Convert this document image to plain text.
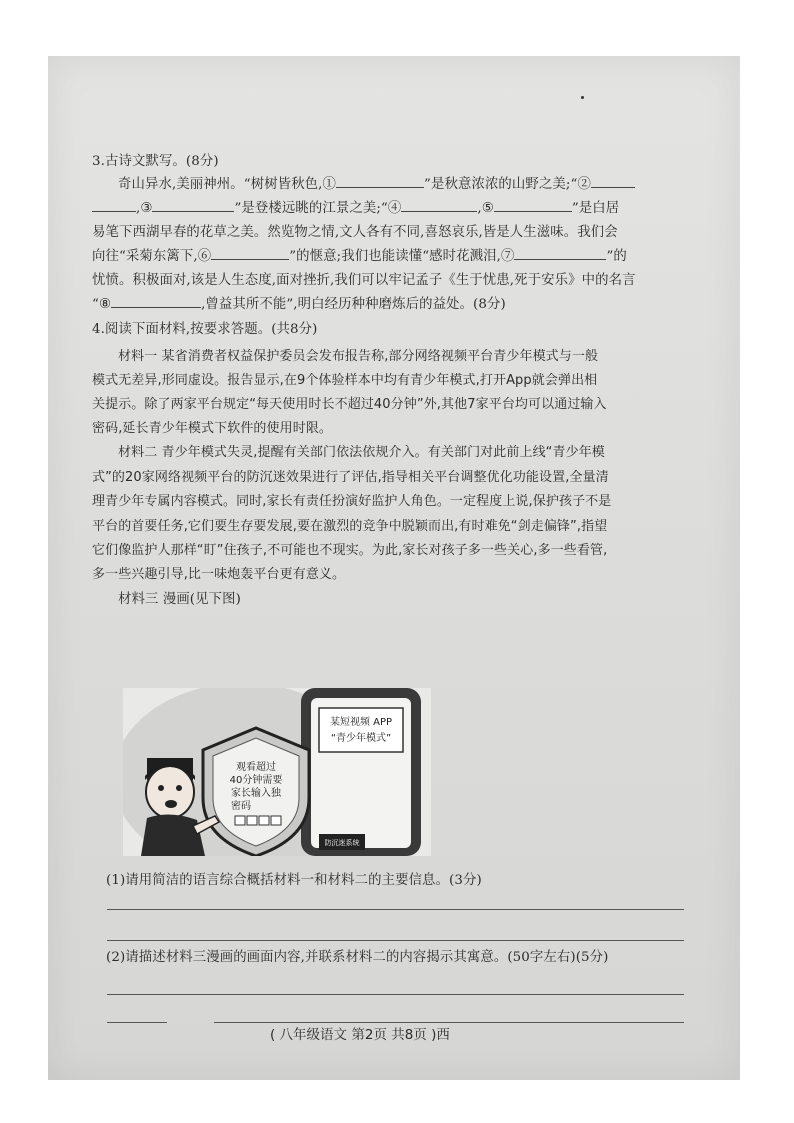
3.古诗文默写。(8分)
奇山异水,美丽神州。“树树皆秋色,①	”是秋意浓浓的山野之美;“②
,③	”是登楼远眺的江景之美;“④	,⑤	”是白居
易笔下西湖早春的花草之美。然览物之情,文人各有不同,喜怒哀乐,皆是人生滋味。我们会
向往“采菊东篱下,⑥	”的惬意;我们也能读懂“感时花溅泪,⑦	”的
忧愤。积极面对,该是人生态度,面对挫折,我们可以牢记孟子《生于忧患,死于安乐》中的名言
“⑧	,曾益其所不能”,明白经历种种磨炼后的益处。(8分)
4.阅读下面材料,按要求答题。(共8分)
材料一 某省消费者权益保护委员会发布报告称,部分网络视频平台青少年模式与一般
模式无差异,形同虚设。报告显示,在9个体验样本中均有青少年模式,打开App就会弹出相
关提示。除了两家平台规定“每天使用时长不超过40分钟”外,其他7家平台均可以通过输入
密码,延长青少年模式下软件的使用时限。
材料二 青少年模式失灵,提醒有关部门依法依规介入。有关部门对此前上线“青少年模
式”的20家网络视频平台的防沉迷效果进行了评估,指导相关平台调整优化功能设置,全量清
理青少年专属内容模式。同时,家长有责任扮演好监护人角色。一定程度上说,保护孩子不是
平台的首要任务,它们要生存要发展,要在激烈的竞争中脱颖而出,有时难免“剑走偏锋”,指望
它们像监护人那样“盯”住孩子,不可能也不现实。为此,家长对孩子多一些关心,多一些看管,
多一些兴趣引导,比一味炮轰平台更有意义。
材料三 漫画(见下图)
某短视频 APP
“青少年模式”
防沉迷系统
观看超过
40分钟需要
家长输入独
密码
(1)请用简洁的语言综合概括材料一和材料二的主要信息。(3分)
(2)请描述材料三漫画的画面内容,并联系材料二的内容揭示其寓意。(50字左右)(5分)
( 八年级语文 第2页 共8页 )西
